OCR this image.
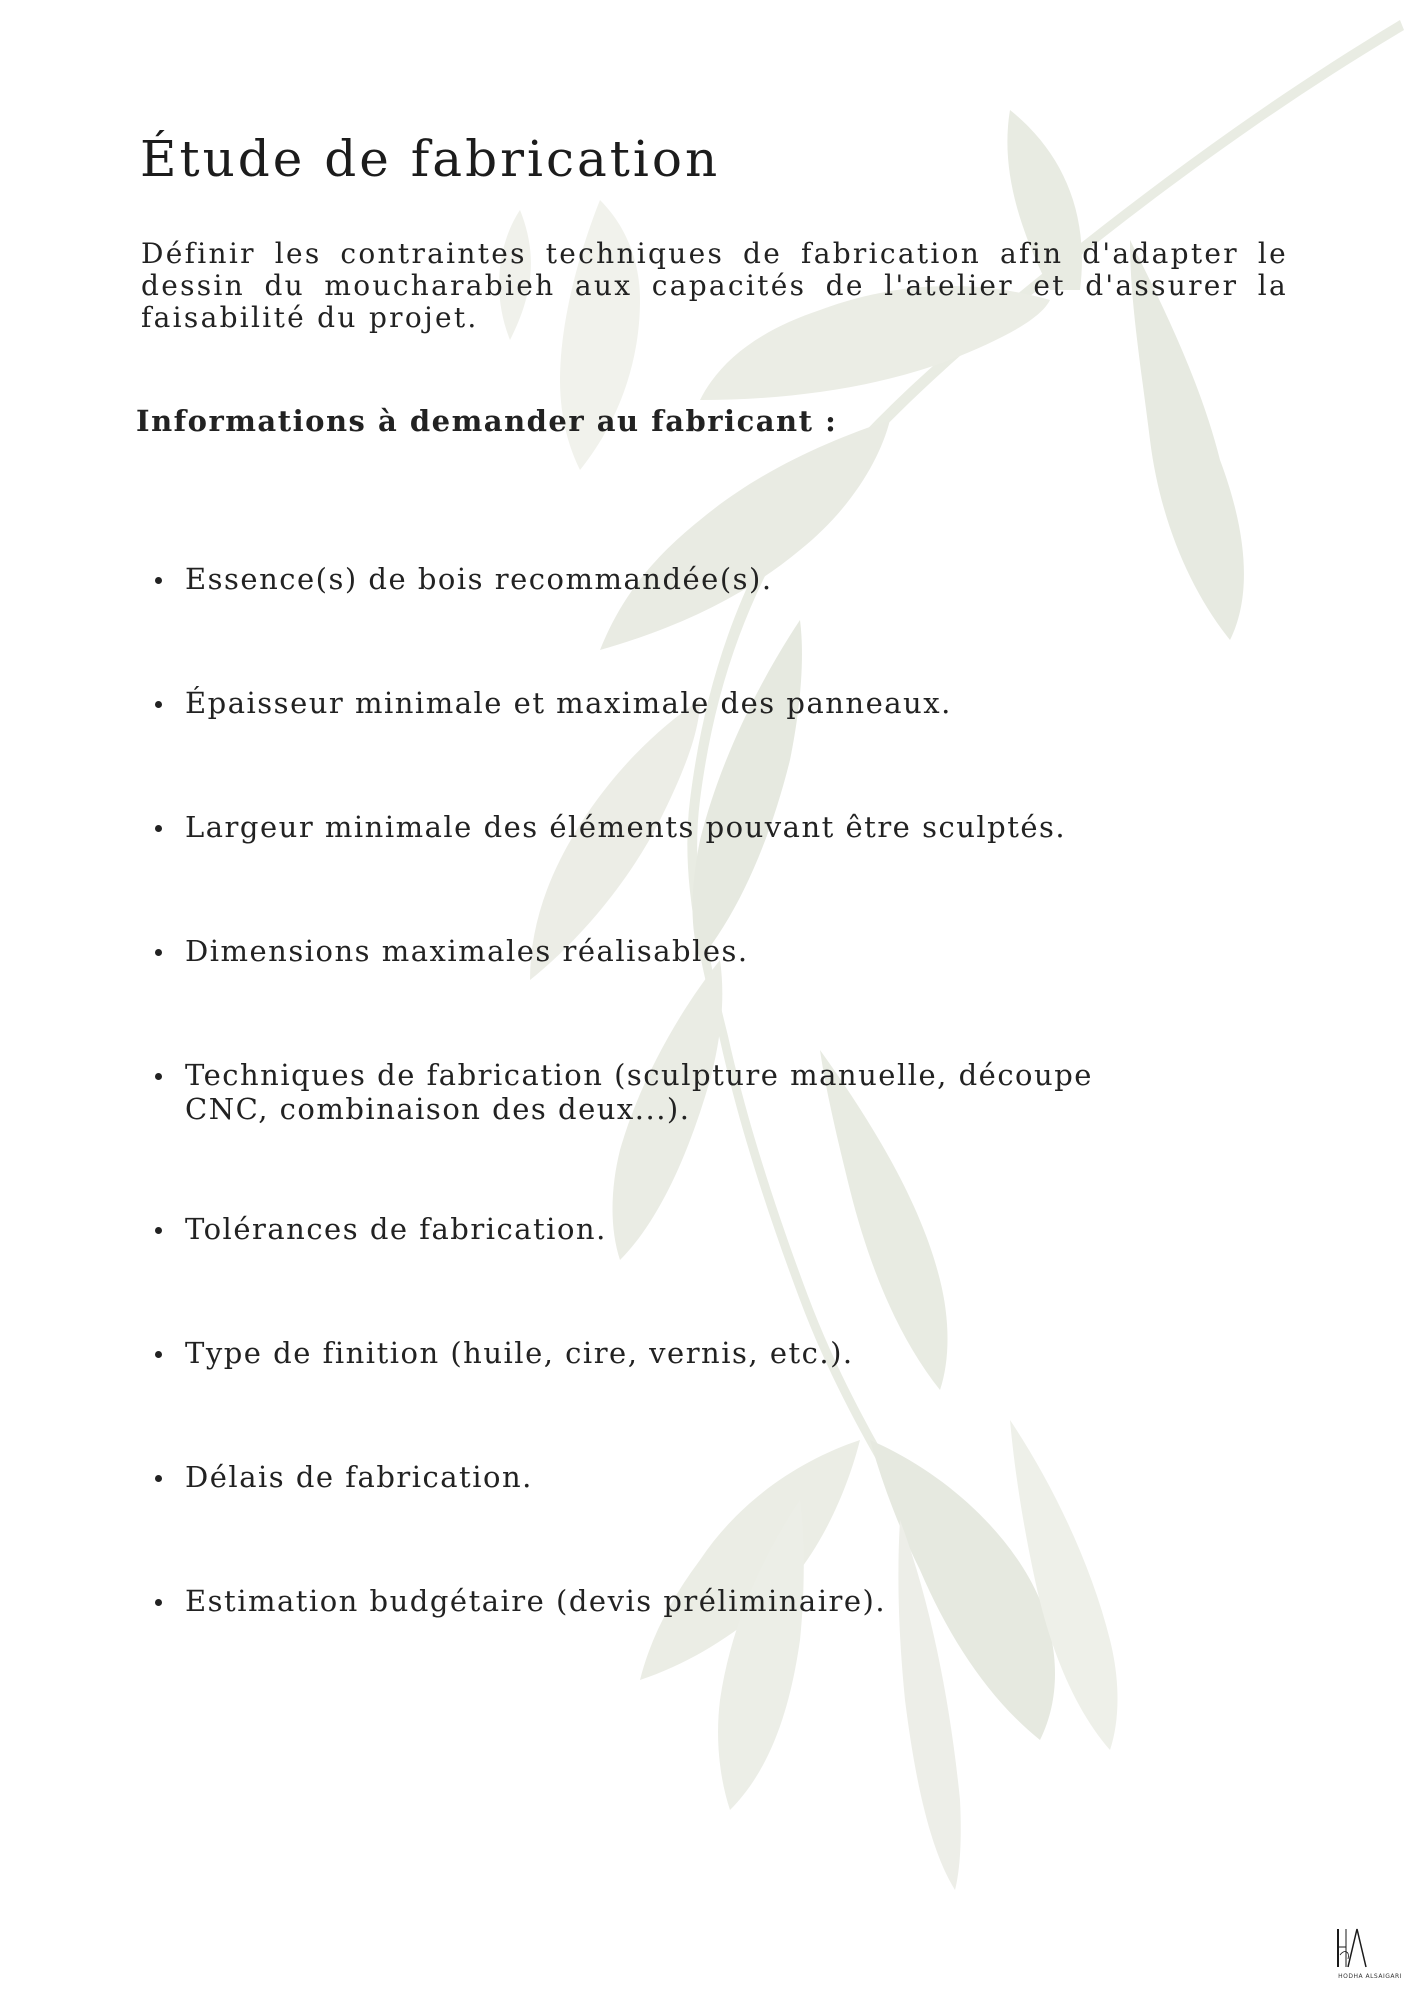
Étude de fabrication

Définir les contraintes techniques de fabrication afin d'adapter le dessin du moucharabieh aux capacités de l'atelier et d'assurer la faisabilité du projet.

Informations à demander au fabricant :
Essence(s) de bois recommandée(s).
Épaisseur minimale et maximale des panneaux.
Largeur minimale des éléments pouvant être sculptés.
Dimensions maximales réalisables.
Techniques de fabrication (sculpture manuelle, découpe CNC, combinaison des deux...).
Tolérances de fabrication.
Type de finition (huile, cire, vernis, etc.).
Délais de fabrication.
Estimation budgétaire (devis préliminaire).
HODHA ALSAIGARI
